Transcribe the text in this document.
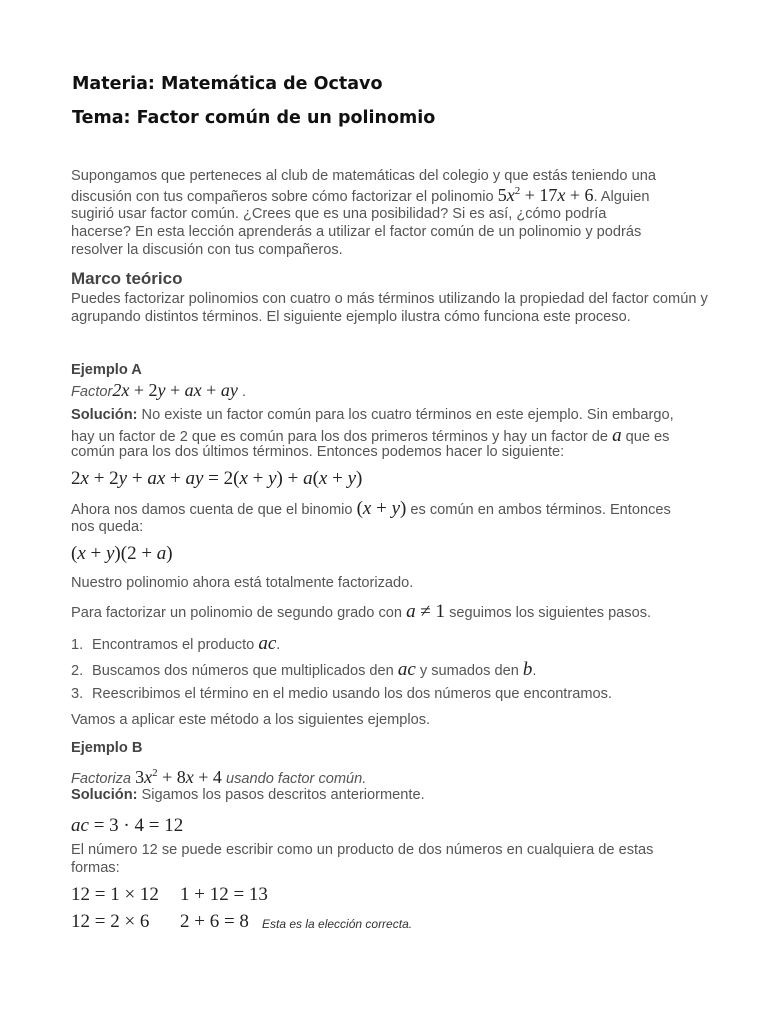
Materia: Matemática de Octavo
Tema: Factor común de un polinomio
Supongamos que perteneces al club de matemáticas del colegio y que estás teniendo una
discusión con tus compañeros sobre cómo factorizar el polinomio $5x^2 + 17x + 6$. Alguien
sugirió usar factor común. ¿Crees que es una posibilidad? Si es así, ¿cómo podría
hacerse? En esta lección aprenderás a utilizar el factor común de un polinomio y podrás
resolver la discusión con tus compañeros.
Marco teórico
Puedes factorizar polinomios con cuatro o más términos utilizando la propiedad del factor común y agrupando distintos términos. El siguiente ejemplo ilustra cómo funciona este proceso.
Ejemplo A
Factor2x + 2y + ax + ay .
Solución: No existe un factor común para los cuatro términos en este ejemplo. Sin embargo,
hay un factor de 2 que es común para los dos primeros términos y hay un factor de a que es
común para los dos últimos términos. Entonces podemos hacer lo siguiente:
2x + 2y + ax + ay = 2(x + y) + a(x + y)
Ahora nos damos cuenta de que el binomio (x + y) es común en ambos términos. Entonces
nos queda:
(x + y)(2 + a)
Nuestro polinomio ahora está totalmente factorizado.
Para factorizar un polinomio de segundo grado con a ≠ 1 seguimos los siguientes pasos.
1. Encontramos el producto ac.
2. Buscamos dos números que multiplicados den ac y sumados den b.
3. Reescribimos el término en el medio usando los dos números que encontramos.
Vamos a aplicar este método a los siguientes ejemplos.
Ejemplo B
Factoriza $3x^2 + 8x + 4$ usando factor común.
Solución: Sigamos los pasos descritos anteriormente.
ac = 3 · 4 = 12
El número 12 se puede escribir como un producto de dos números en cualquiera de estas
formas:
12 = 1 × 12 1 + 12 = 13
12 = 2 × 6 2 + 6 = 8 Esta es la elección correcta.
